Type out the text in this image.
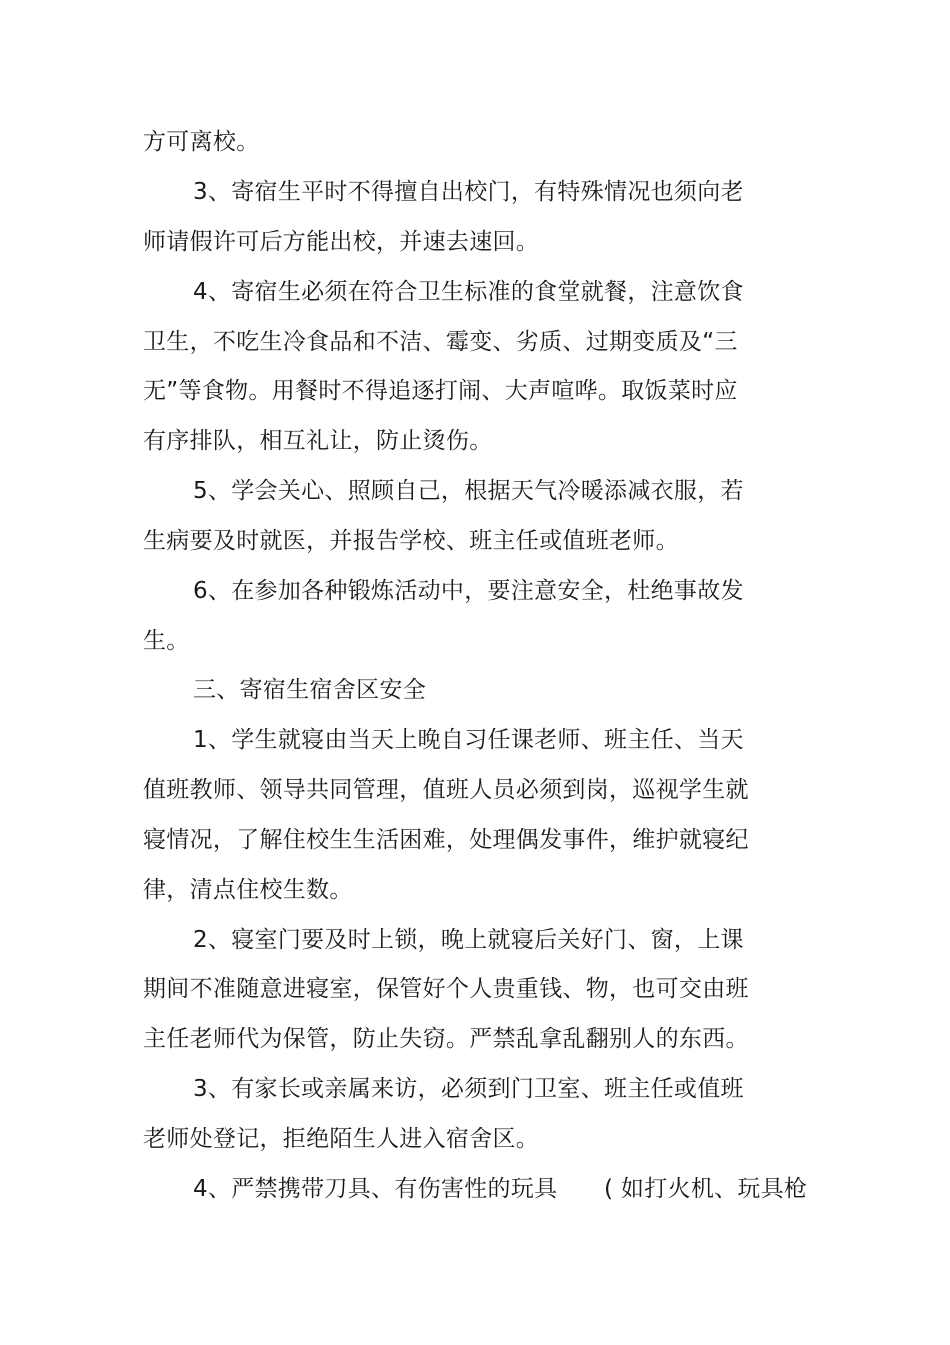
方可离校。
3、寄宿生平时不得擅自出校门，有特殊情况也须向老
师请假许可后方能出校，并速去速回。
4、寄宿生必须在符合卫生标准的食堂就餐，注意饮食
卫生，不吃生冷食品和不洁、霉变、劣质、过期变质及“三
无”等食物。用餐时不得追逐打闹、大声喧哗。取饭菜时应
有序排队，相互礼让，防止烫伤。
5、学会关心、照顾自己，根据天气冷暖添减衣服，若
生病要及时就医，并报告学校、班主任或值班老师。
6、在参加各种锻炼活动中，要注意安全，杜绝事故发
生。
三、寄宿生宿舍区安全
1、学生就寝由当天上晚自习任课老师、班主任、当天
值班教师、领导共同管理，值班人员必须到岗，巡视学生就
寝情况，了解住校生生活困难，处理偶发事件，维护就寝纪
律，清点住校生数。
2、寝室门要及时上锁，晚上就寝后关好门、窗，上课
期间不准随意进寝室，保管好个人贵重钱、物，也可交由班
主任老师代为保管，防止失窃。严禁乱拿乱翻别人的东西。
3、有家长或亲属来访，必须到门卫室、班主任或值班
老师处登记，拒绝陌生人进入宿舍区。
4、严禁携带刀具、有伤害性的玩具　　( 如打火机、玩具枪
